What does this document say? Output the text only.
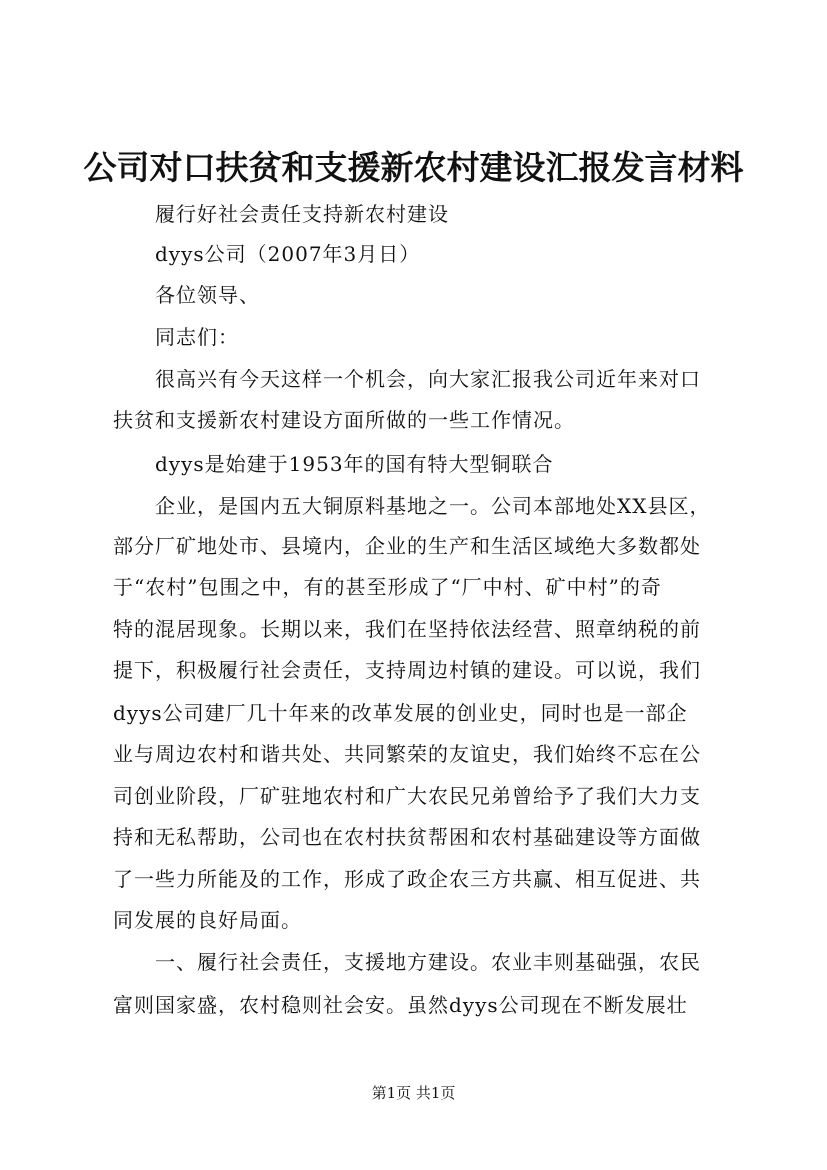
公司对口扶贫和支援新农村建设汇报发言材料
　　履行好社会责任支持新农村建设
　　dyys公司（2007年3月日）
　　各位领导、
　　同志们：
　　很高兴有今天这样一个机会，向大家汇报我公司近年来对口
扶贫和支援新农村建设方面所做的一些工作情况。
　　dyys是始建于1953年的国有特大型铜联合
　　企业，是国内五大铜原料基地之一。公司本部地处XX县区，
部分厂矿地处市、县境内，企业的生产和生活区域绝大多数都处
于“农村”包围之中，有的甚至形成了“厂中村、矿中村”的奇
特的混居现象。长期以来，我们在坚持依法经营、照章纳税的前
提下，积极履行社会责任，支持周边村镇的建设。可以说，我们
dyys公司建厂几十年来的改革发展的创业史，同时也是一部企
业与周边农村和谐共处、共同繁荣的友谊史，我们始终不忘在公
司创业阶段，厂矿驻地农村和广大农民兄弟曾给予了我们大力支
持和无私帮助，公司也在农村扶贫帮困和农村基础建设等方面做
了一些力所能及的工作，形成了政企农三方共赢、相互促进、共
同发展的良好局面。
　　一、履行社会责任，支援地方建设。农业丰则基础强，农民
富则国家盛，农村稳则社会安。虽然dyys公司现在不断发展壮
第1页 共1页
